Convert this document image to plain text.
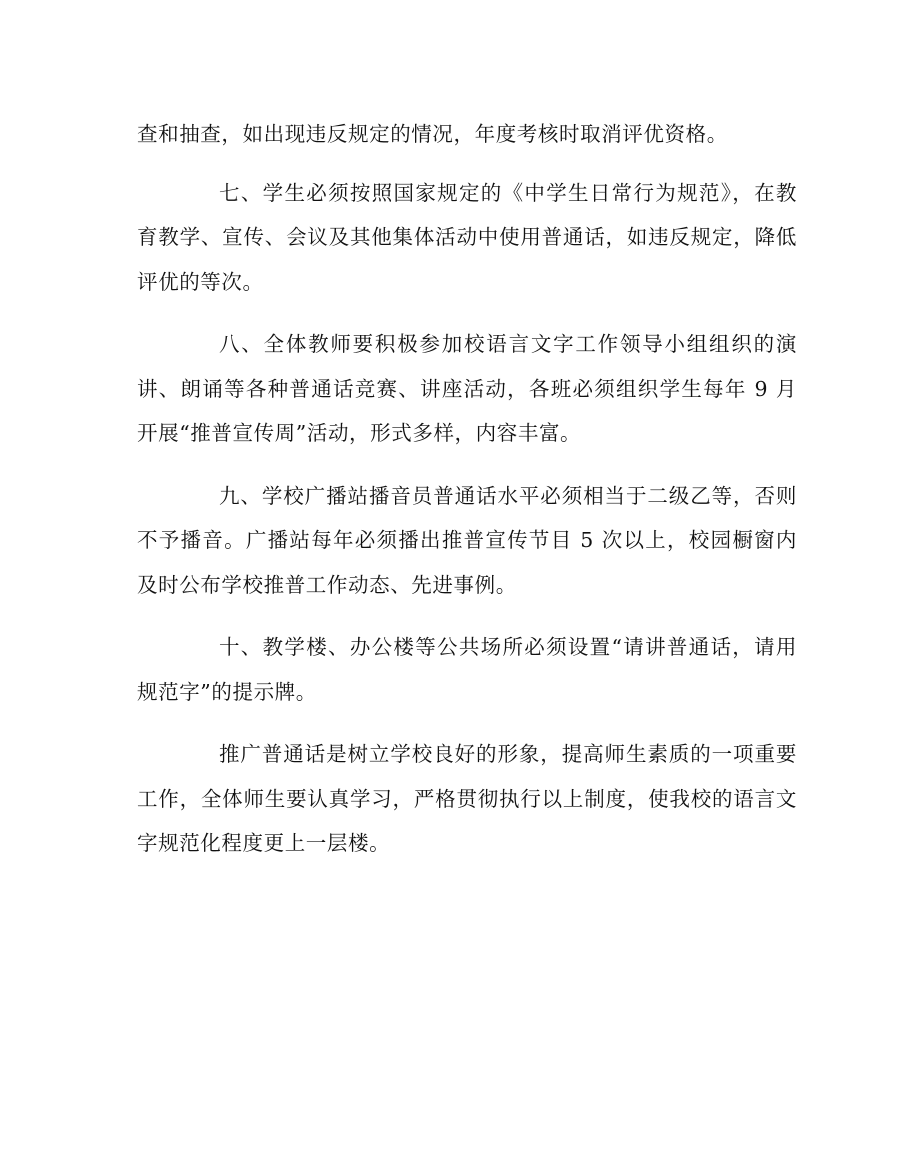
查和抽查，如出现违反规定的情况，年度考核时取消评优资格。

七、学生必须按照国家规定的《中学生日常行为规范》，在教育教学、宣传、会议及其他集体活动中使用普通话，如违反规定，降低评优的等次。

八、全体教师要积极参加校语言文字工作领导小组组织的演讲、朗诵等各种普通话竞赛、讲座活动，各班必须组织学生每年 9 月开展“推普宣传周”活动，形式多样，内容丰富。

九、学校广播站播音员普通话水平必须相当于二级乙等，否则不予播音。广播站每年必须播出推普宣传节目 5 次以上，校园橱窗内及时公布学校推普工作动态、先进事例。

十、教学楼、办公楼等公共场所必须设置“请讲普通话，请用规范字”的提示牌。

推广普通话是树立学校良好的形象，提高师生素质的一项重要工作，全体师生要认真学习，严格贯彻执行以上制度，使我校的语言文字规范化程度更上一层楼。
